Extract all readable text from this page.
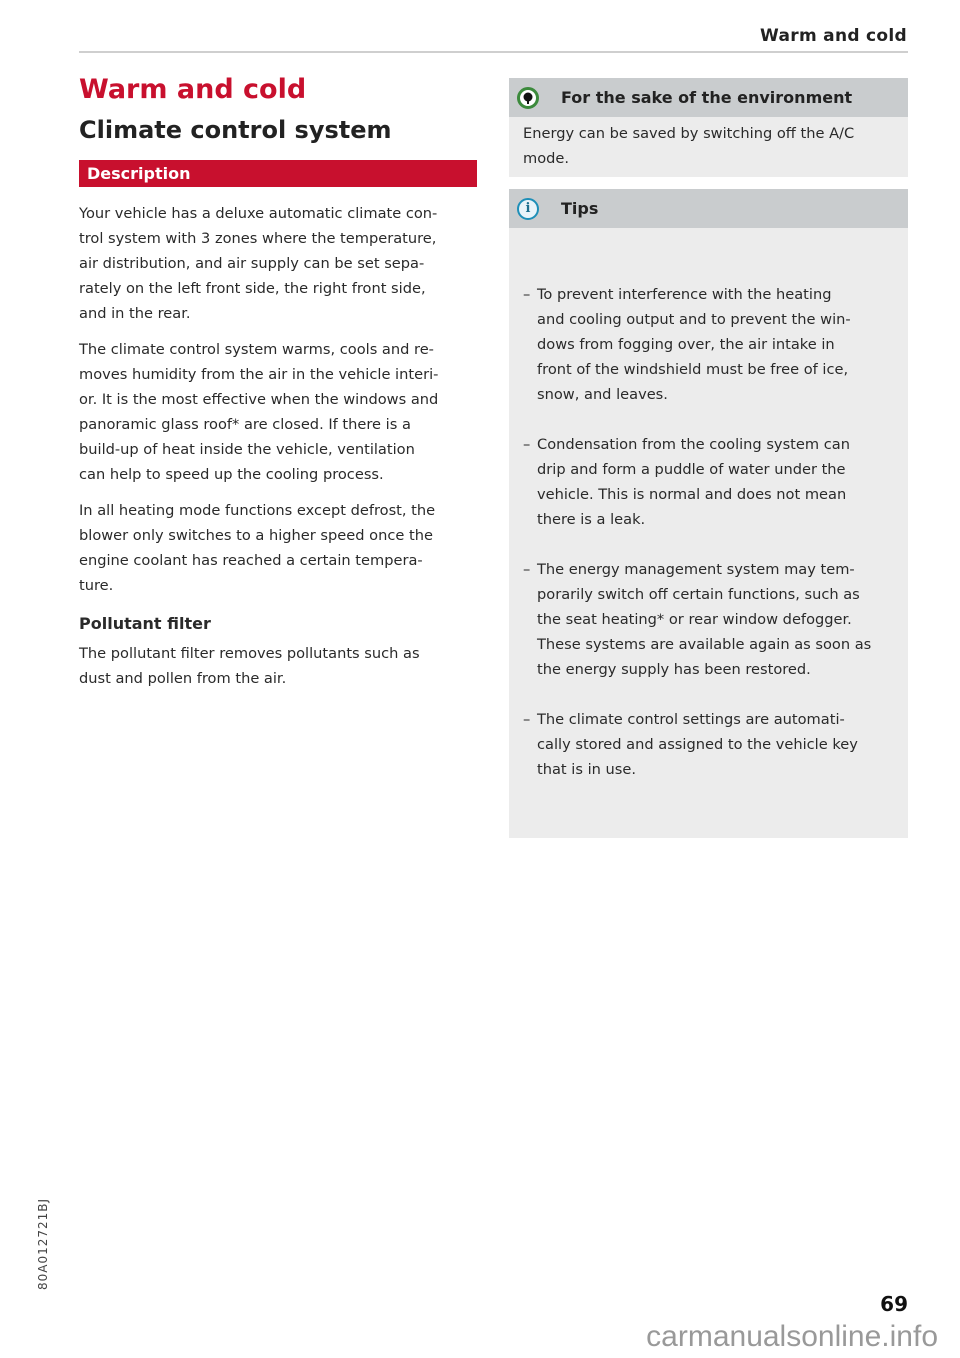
Warm and cold
Warm and cold
Climate control system
Description

Your vehicle has a deluxe automatic climate con-
trol system with 3 zones where the temperature,
air distribution, and air supply can be set sepa-
rately on the left front side, the right front side,
and in the rear.

The climate control system warms, cools and re-
moves humidity from the air in the vehicle interi-
or. It is the most effective when the windows and
panoramic glass roof* are closed. If there is a
build-up of heat inside the vehicle, ventilation
can help to speed up the cooling process.

In all heating mode functions except defrost, the
blower only switches to a higher speed once the
engine coolant has reached a certain tempera-
ture.

Pollutant filter

The pollutant filter removes pollutants such as
dust and pollen from the air.

For the sake of the environment
Energy can be saved by switching off the A/C
mode.
i	Tips

– To prevent interference with the heating
and cooling output and to prevent the win-
dows from fogging over, the air intake in
front of the windshield must be free of ice,
snow, and leaves.

– Condensation from the cooling system can
drip and form a puddle of water under the
vehicle. This is normal and does not mean
there is a leak.

– The energy management system may tem-
porarily switch off certain functions, such as
the seat heating* or rear window defogger.
These systems are available again as soon as
the energy supply has been restored.

– The climate control settings are automati-
cally stored and assigned to the vehicle key
that is in use.

80A012721BJ
69
carmanualsonline.info
